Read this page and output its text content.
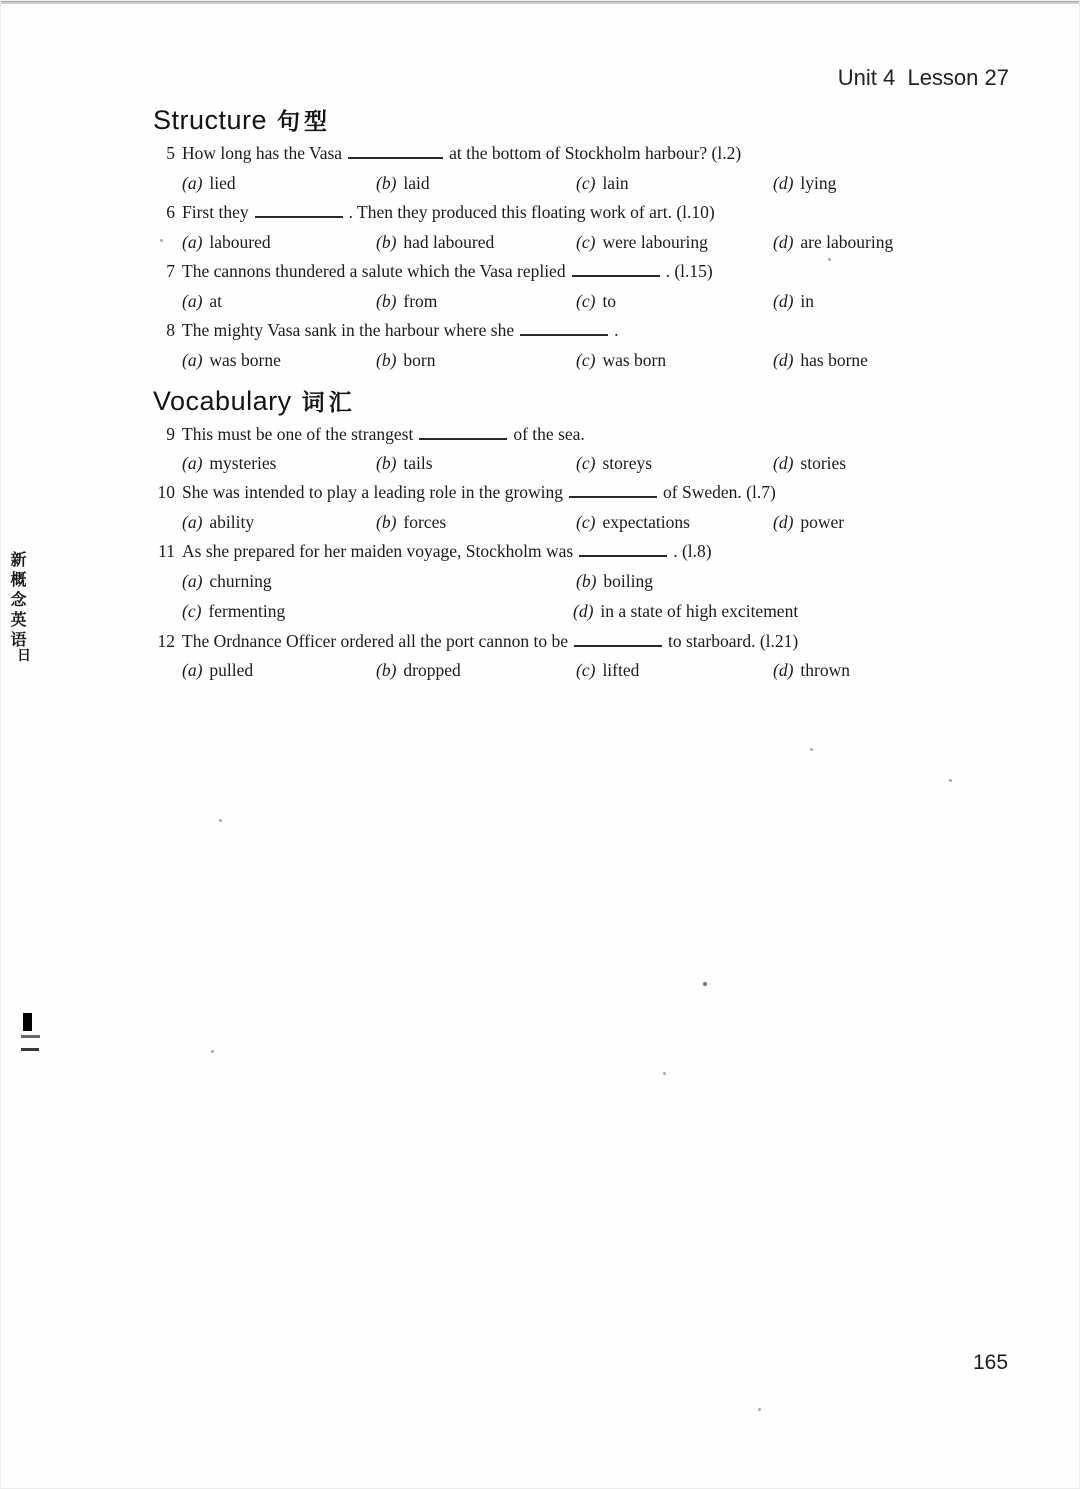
Unit 4  Lesson 27
Structure 句型
5 How long has the Vasa	at the bottom of Stockholm harbour? (l.2)
(a) lied	(b) laid	(c) lain	(d) lying
6 First they	. Then they produced this floating work of art. (l.10)
(a) laboured	(b) had laboured	(c) were labouring	(d) are labouring
7 The cannons thundered a salute which the Vasa replied	. (l.15)
(a) at	(b) from	(c) to	(d) in
8 The mighty Vasa sank in the harbour where she	.
(a) was borne	(b) born	(c) was born	(d) has borne
Vocabulary 词汇
9 This must be one of the strangest	of the sea.
(a) mysteries	(b) tails	(c) storeys	(d) stories
10 She was intended to play a leading role in the growing	of Sweden. (l.7)
(a) ability	(b) forces	(c) expectations	(d) power
11 As she prepared for her maiden voyage, Stockholm was	. (l.8)
(a) churning	(b) boiling
(c) fermenting	(d) in a state of high excitement
12 The Ordnance Officer ordered all the port cannon to be	to starboard. (l.21)
(a) pulled	(b) dropped	(c) lifted	(d) thrown
新概念英语
日
165
